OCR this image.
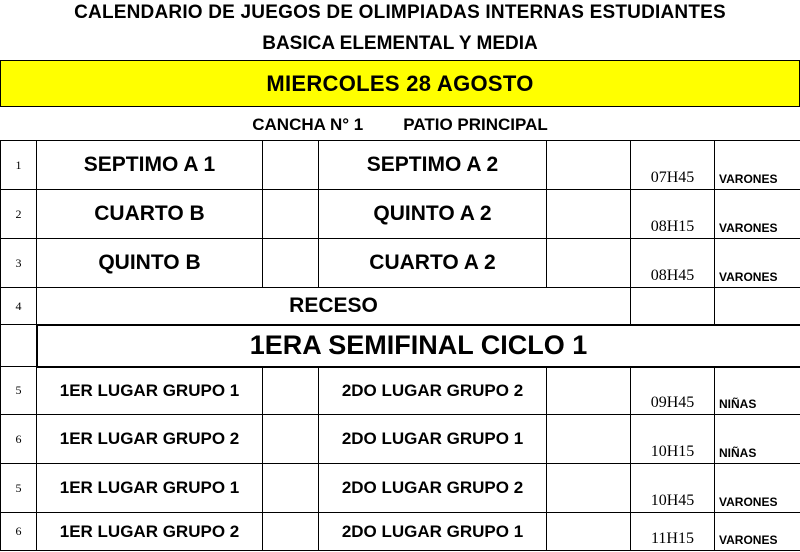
CALENDARIO DE JUEGOS DE OLIMPIADAS INTERNAS ESTUDIANTES
BASICA ELEMENTAL Y MEDIA
MIERCOLES 28 AGOSTO
CANCHA N° 1 PATIO PRINCIPAL
1	SEPTIMO A 1		SEPTIMO A 2		07H45	VARONES
2	CUARTO B		QUINTO A 2		08H15	VARONES
3	QUINTO B		CUARTO A 2		08H45	VARONES
4	RECESO					
	1ERA SEMIFINAL CICLO 1					
5	1ER LUGAR GRUPO 1		2DO LUGAR GRUPO 2		09H45	NIÑAS
6	1ER LUGAR GRUPO 2		2DO LUGAR GRUPO 1		10H15	NIÑAS
5	1ER LUGAR GRUPO 1		2DO LUGAR GRUPO 2		10H45	VARONES
6	1ER LUGAR GRUPO 2		2DO LUGAR GRUPO 1		11H15	VARONES
